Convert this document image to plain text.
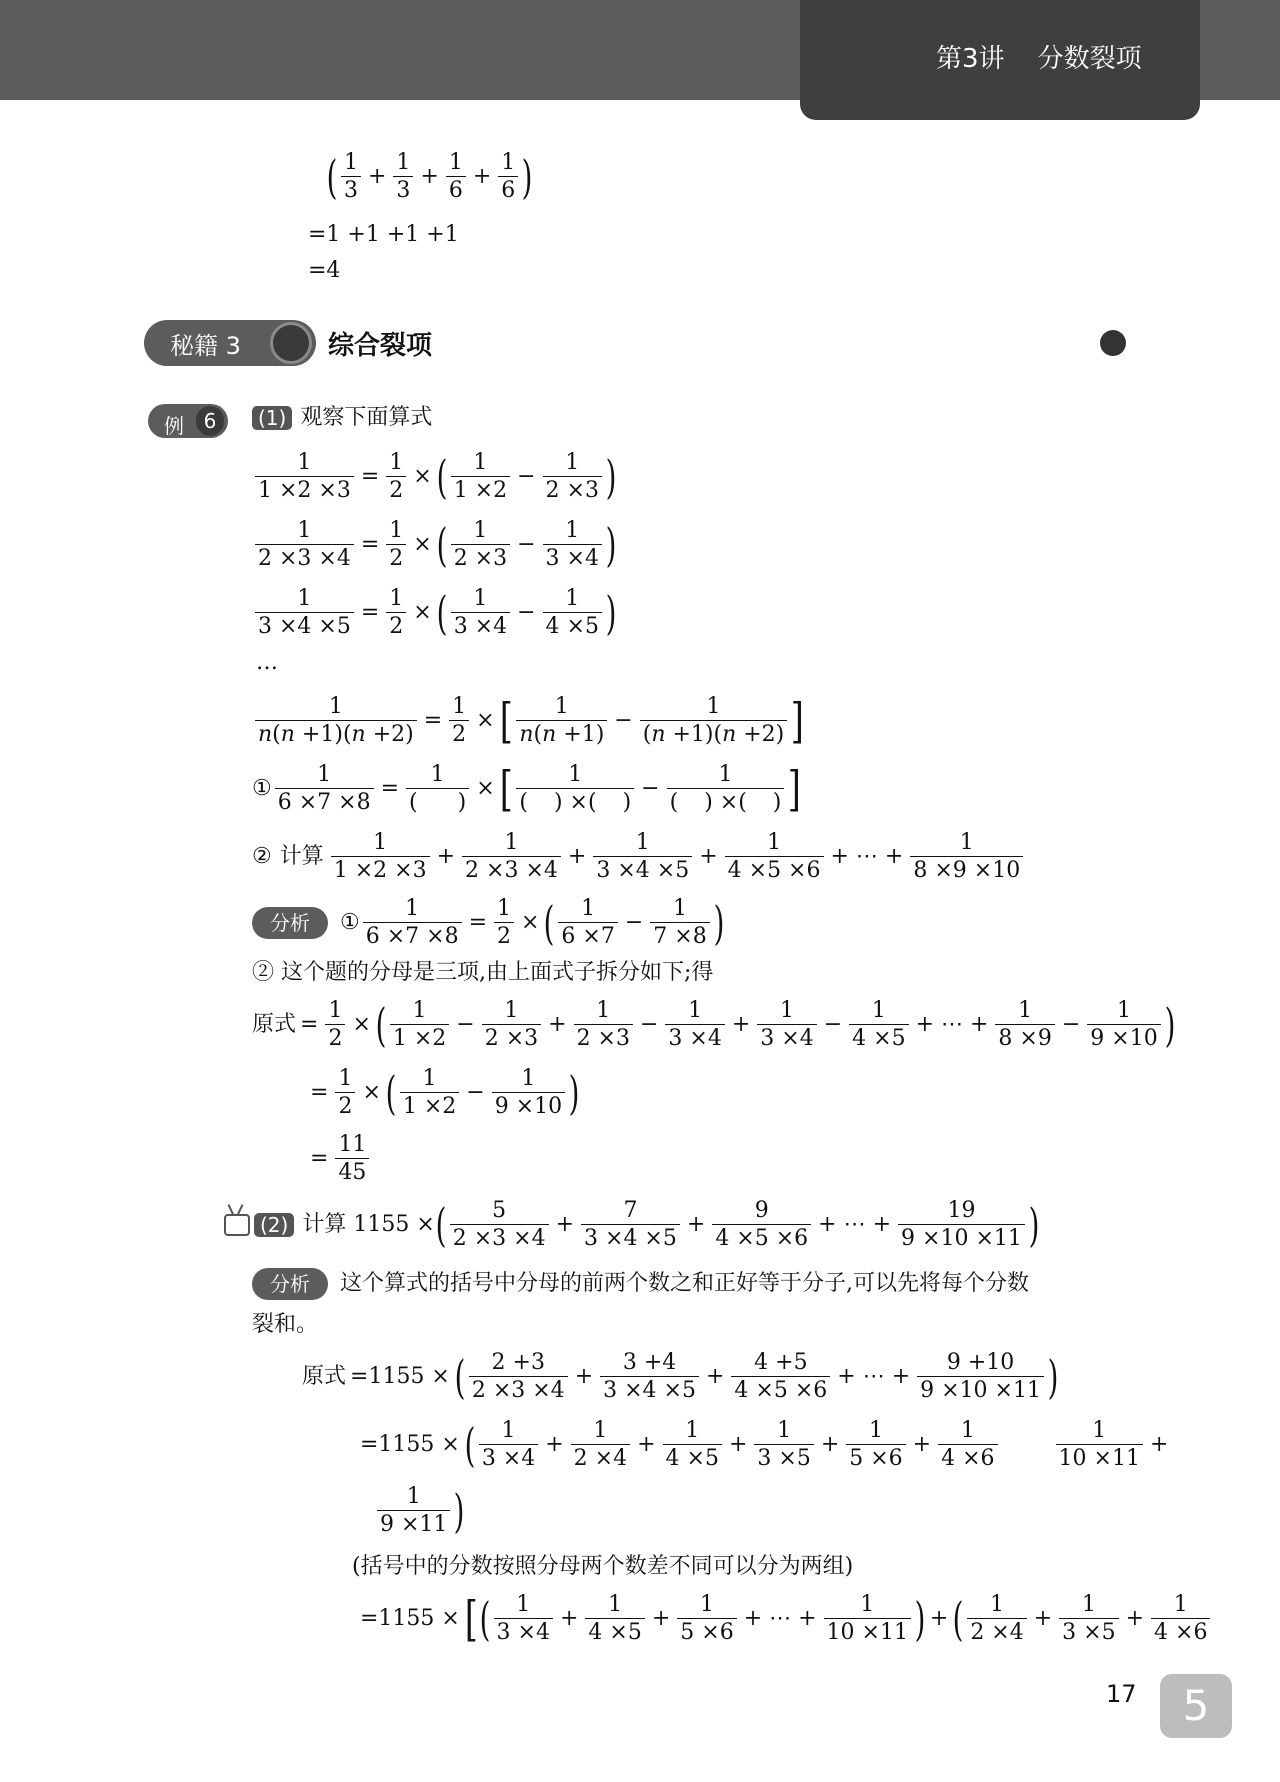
第3讲    分数裂项
( $\frac{1}{3} + \frac{1}{3} + \frac{1}{6} + \frac{1}{6}$ )
=1 +1 +1 +1
=4
秘籍 3	综合裂项
例 6	(1) 观察下面算式
$\frac{1}{1 \times 2 \times 3} = \frac{1}{2}$ × ( $\frac{1}{1 \times 2} - \frac{1}{2 \times 3}$ )
$\frac{1}{2 \times 3 \times 4} = \frac{1}{2}$ × ( $\frac{1}{2 \times 3} - \frac{1}{3 \times 4}$ )
$\frac{1}{3 \times 4 \times 5} = \frac{1}{2}$ × ( $\frac{1}{3 \times 4} - \frac{1}{4 \times 5}$ )
…
$\frac{1}{n(n +1)(n +2)} = \frac{1}{2}$ × [ $\frac{1}{n(n +1)} - \frac{1}{(n +1)(n +2)}$ ]
① $\frac{1}{6 \times 7 \times 8} = \frac{1}{( )}$ × [ $\frac{1}{( ) \times( )} - \frac{1}{( ) \times( )}$ ]
② 计算 $\frac{1}{1 \times 2 \times 3} + \frac{1}{2 \times 3 \times 4} + \frac{1}{3 \times 4 \times 5} + \frac{1}{4 \times 5 \times 6}$ + ⋯ + $\frac{1}{8 \times 9 \times 10}$
分析	① $\frac{1}{6 \times 7 \times 8} = \frac{1}{2}$ × ( $\frac{1}{6 \times 7} - \frac{1}{7 \times 8}$ )
② 这个题的分母是三项,由上面式子拆分如下;得
原式 = $\frac{1}{2}$ × ( $\frac{1}{1 \times 2} - \frac{1}{2 \times 3} + \frac{1}{2 \times 3} - \frac{1}{3 \times 4} + \frac{1}{3 \times 4} - \frac{1}{4 \times 5}$ + ⋯ + $\frac{1}{8 \times 9} - \frac{1}{9 \times 10}$ )
= $\frac{1}{2}$ × ( $\frac{1}{1 \times 2} - \frac{1}{9 \times 10}$ )
= $\frac{11}{45}$
(2) 计算 1155 × ( $\frac{5}{2 \times 3 \times 4} + \frac{7}{3 \times 4 \times 5} + \frac{9}{4 \times 5 \times 6}$ + ⋯ + $\frac{19}{9 \times 10 \times 11}$ )
分析	这个算式的括号中分母的前两个数之和正好等于分子,可以先将每个分数
裂和。
原式 =1155 × ( $\frac{2 +3}{2 \times 3 \times 4} + \frac{3 +4}{3 \times 4 \times 5} + \frac{4 +5}{4 \times 5 \times 6}$ + ⋯ + $\frac{9 +10}{9 \times 10 \times 11}$ )
=1155 × ( $\frac{1}{3 \times 4} + \frac{1}{2 \times 4} + \frac{1}{4 \times 5} + \frac{1}{3 \times 5} + \frac{1}{5 \times 6} + \frac{1}{4 \times 6}$	$\frac{1}{10 \times 11}$ +
$\frac{1}{9 \times 11}$ )
(括号中的分数按照分母两个数差不同可以分为两组)
=1155 × [ ( $\frac{1}{3 \times 4} + \frac{1}{4 \times 5} + \frac{1}{5 \times 6}$ + ⋯ + $\frac{1}{10 \times 11}$ ) + ( $\frac{1}{2 \times 4} + \frac{1}{3 \times 5} + \frac{1}{4 \times 6}$
17	5
